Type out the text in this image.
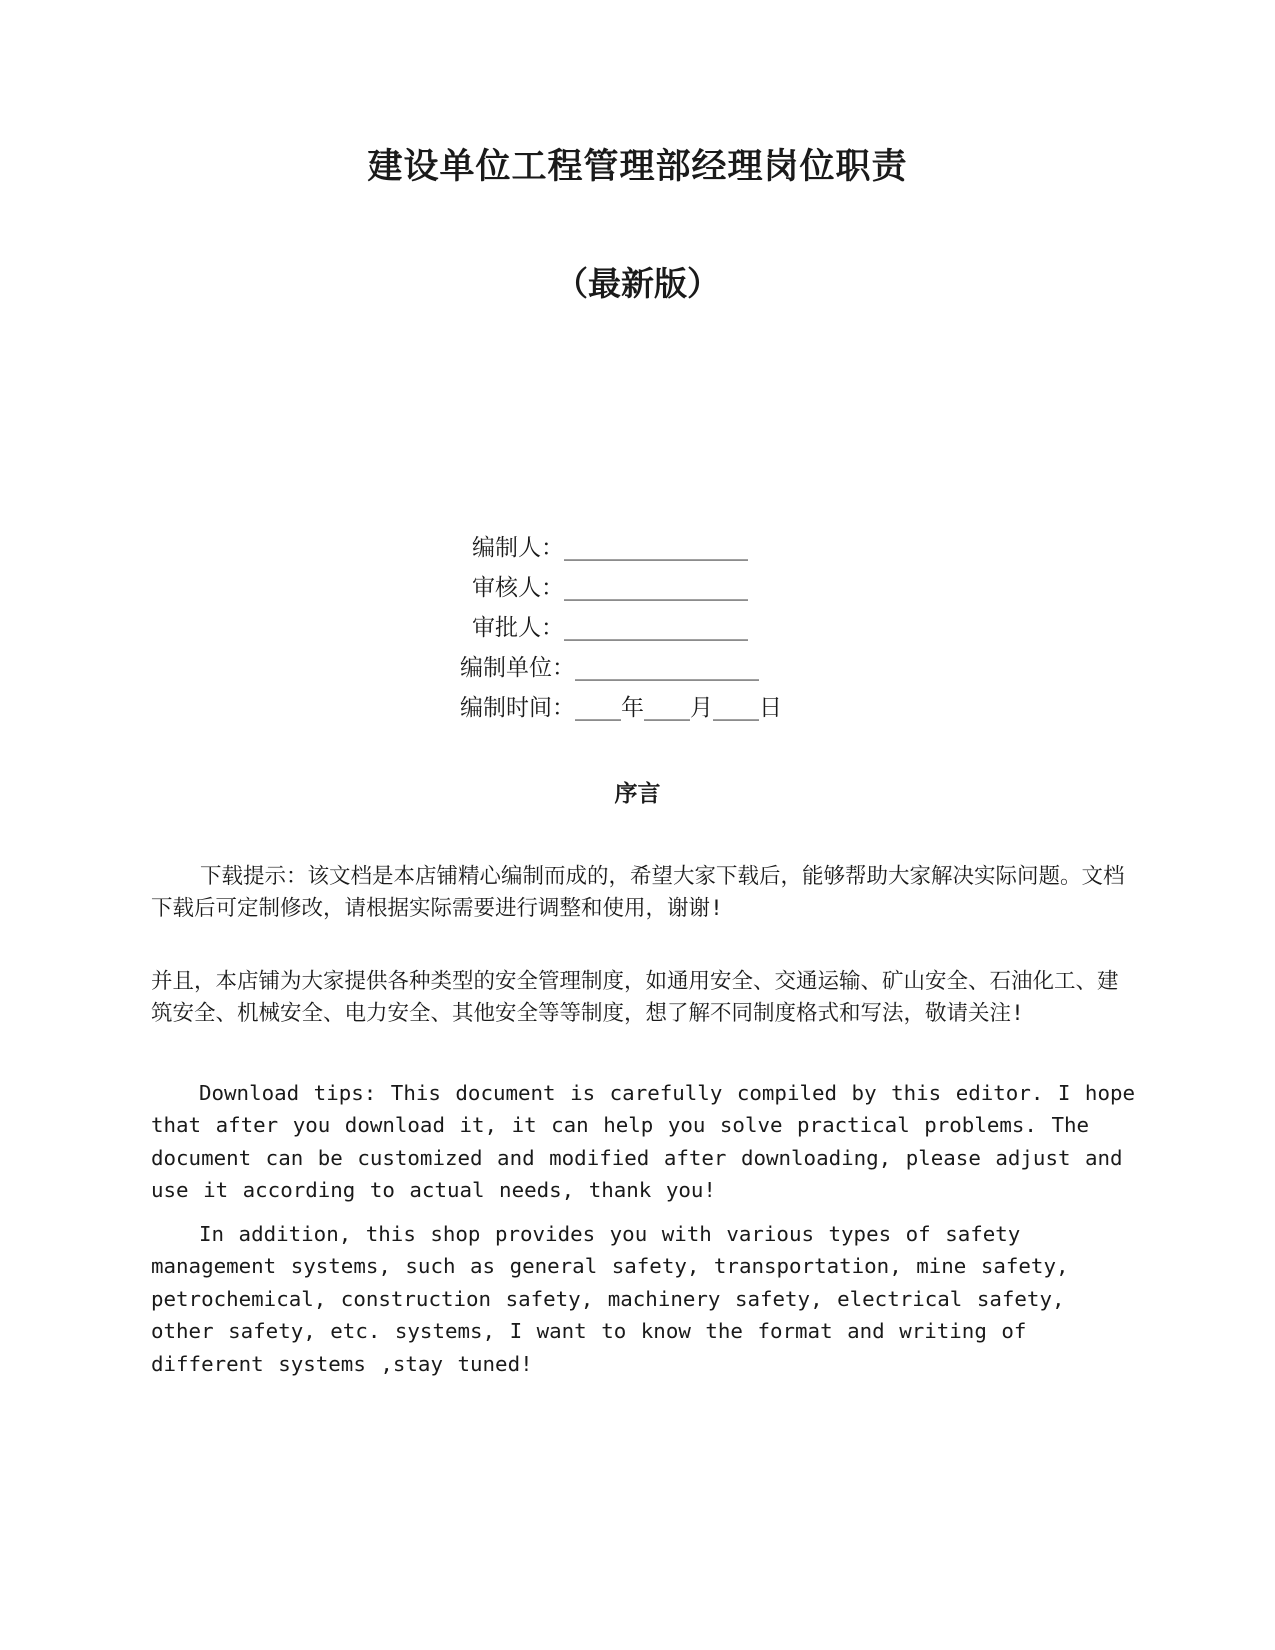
建设单位工程管理部经理岗位职责
（最新版）
编制人：________________
审核人：________________
审批人：________________
编制单位：________________
编制时间：____年____月____日
序言

下载提示：该文档是本店铺精心编制而成的，希望大家下载后，能够帮助大家解决实际问题。文档下载后可定制修改，请根据实际需要进行调整和使用，谢谢!

并且，本店铺为大家提供各种类型的安全管理制度，如通用安全、交通运输、矿山安全、石油化工、建筑安全、机械安全、电力安全、其他安全等等制度，想了解不同制度格式和写法，敬请关注!

Download tips: This document is carefully compiled by this editor. I hope that after you download it, it can help you solve practical problems. The document can be customized and modified after downloading, please adjust and use it according to actual needs, thank you!

In addition, this shop provides you with various types of safety management systems, such as general safety, transportation, mine safety, petrochemical, construction safety, machinery safety, electrical safety, other safety, etc. systems, I want to know the format and writing of different systems ,stay tuned!
